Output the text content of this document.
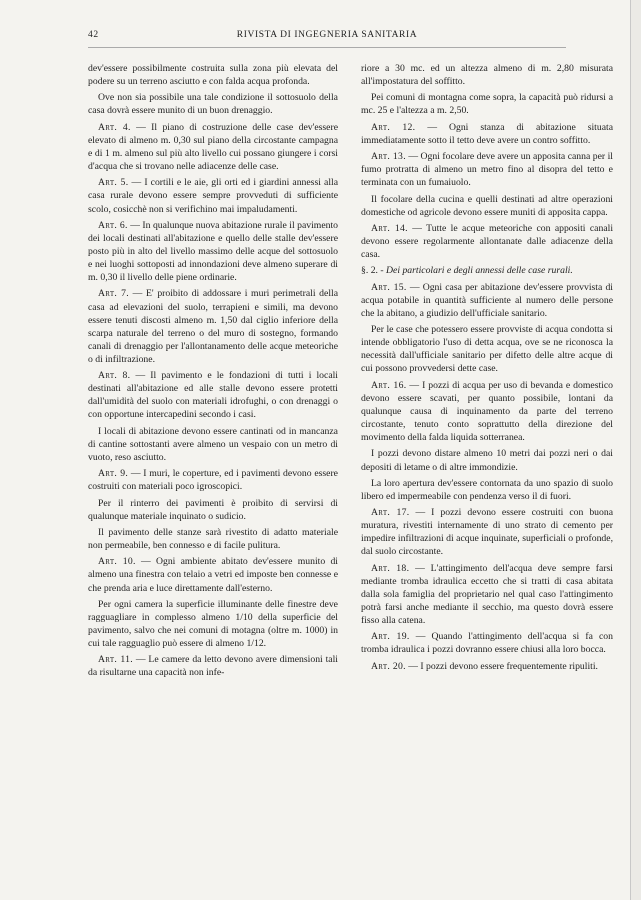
42	RIVISTA DI INGEGNERIA SANITARIA

dev'essere possibilmente costruita sulla zona più elevata del podere su un terreno asciutto e con falda acqua profonda.

Ove non sia possibile una tale condizione il sottosuolo della casa dovrà essere munito di un buon drenaggio.

Art. 4. — Il piano di costruzione delle case dev'essere elevato di almeno m. 0,30 sul piano della circostante campagna e di 1 m. almeno sul più alto livello cui possano giungere i corsi d'acqua che si trovano nelle adiacenze delle case.

Art. 5. — I cortili e le aie, gli orti ed i giardini annessi alla casa rurale devono essere sempre provveduti di sufficiente scolo, cosicchè non si verifichino mai impaludamenti.

Art. 6. — In qualunque nuova abitazione rurale il pavimento dei locali destinati all'abitazione e quello delle stalle dev'essere posto più in alto del livello massimo delle acque del sottosuolo e nei luoghi sottoposti ad innondazioni deve almeno superare di m. 0,30 il livello delle piene ordinarie.

Art. 7. — E' proibito di addossare i muri perimetrali della casa ad elevazioni del suolo, terrapieni e simili, ma devono essere tenuti discosti almeno m. 1,50 dal ciglio inferiore della scarpa naturale del terreno o del muro di sostegno, formando canali di drenaggio per l'allontanamento delle acque meteoriche o di infiltrazione.

Art. 8. — Il pavimento e le fondazioni di tutti i locali destinati all'abitazione ed alle stalle devono essere protetti dall'umidità del suolo con materiali idrofughi, o con drenaggi o con opportune intercapedini secondo i casi.

I locali di abitazione devono essere cantinati od in mancanza di cantine sottostanti avere almeno un vespaio con un metro di vuoto, reso asciutto.

Art. 9. — I muri, le coperture, ed i pavimenti devono essere costruiti con materiali poco igroscopici.

Per il rinterro dei pavimenti è proibito di servirsi di qualunque materiale inquinato o sudicio.

Il pavimento delle stanze sarà rivestito di adatto materiale non permeabile, ben connesso e di facile pulitura.

Art. 10. — Ogni ambiente abitato dev'essere munito di almeno una finestra con telaio a vetri ed imposte ben connesse e che prenda aria e luce direttamente dall'esterno.

Per ogni camera la superficie illuminante delle finestre deve ragguagliare in complesso almeno 1/10 della superficie del pavimento, salvo che nei comuni di motagna (oltre m. 1000) in cui tale ragguaglio può essere di almeno 1/12.

Art. 11. — Le camere da letto devono avere dimensioni tali da risultarne una capacità non infe-

riore a 30 mc. ed un altezza almeno di m. 2,80 misurata all'impostatura del soffitto.

Pei comuni di montagna come sopra, la capacità può ridursi a mc. 25 e l'altezza a m. 2,50.

Art. 12. — Ogni stanza di abitazione situata immediatamente sotto il tetto deve avere un contro soffitto.

Art. 13. — Ogni focolare deve avere un apposita canna per il fumo protratta di almeno un metro fino al disopra del tetto e terminata con un fumaiuolo.

Il focolare della cucina e quelli destinati ad altre operazioni domestiche od agricole devono essere muniti di apposita cappa.

Art. 14. — Tutte le acque meteoriche con appositi canali devono essere regolarmente allontanate dalle adiacenze della casa.

§. 2. - Dei particolari e degli annessi delle case rurali.

Art. 15. — Ogni casa per abitazione dev'essere provvista di acqua potabile in quantità sufficiente al numero delle persone che la abitano, a giudizio dell'ufficiale sanitario.

Per le case che potessero essere provviste di acqua condotta si intende obbligatorio l'uso di detta acqua, ove se ne riconosca la necessità dall'ufficiale sanitario per difetto delle altre acque di cui possono provvedersi dette case.

Art. 16. — I pozzi di acqua per uso di bevanda e domestico devono essere scavati, per quanto possibile, lontani da qualunque causa di inquinamento da parte del terreno circostante, tenuto conto soprattutto della direzione del movimento della falda liquida sotterranea.

I pozzi devono distare almeno 10 metri dai pozzi neri o dai depositi di letame o di altre immondizie.

La loro apertura dev'essere contornata da uno spazio di suolo libero ed impermeabile con pendenza verso il di fuori.

Art. 17. — I pozzi devono essere costruiti con buona muratura, rivestiti internamente di uno strato di cemento per impedire infiltrazioni di acque inquinate, superficiali o profonde, dal suolo circostante.

Art. 18. — L'attingimento dell'acqua deve sempre farsi mediante tromba idraulica eccetto che si tratti di casa abitata dalla sola famiglia del proprietario nel qual caso l'attingimento potrà farsi anche mediante il secchio, ma questo dovrà essere fisso alla catena.

Art. 19. — Quando l'attingimento dell'acqua si fa con tromba idraulica i pozzi dovranno essere chiusi alla loro bocca.

Art. 20. — I pozzi devono essere frequentemente ripuliti.
